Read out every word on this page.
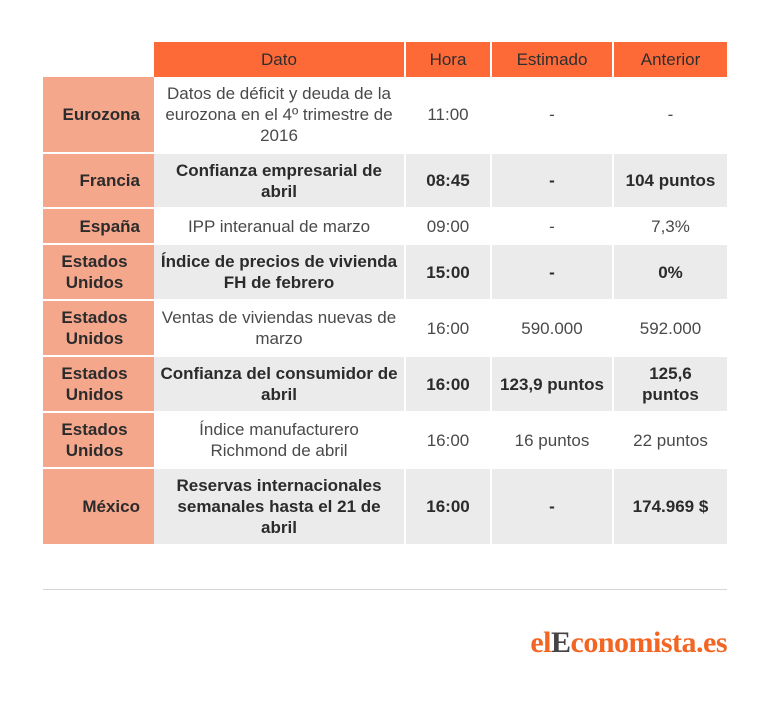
	Dato	Hora	Estimado	Anterior
Eurozona	Datos de déficit y deuda de la eurozona en el 4º trimestre de 2016	11:00	-	-
Francia	Confianza empresarial de abril	08:45	-	104 puntos
España	IPP interanual de marzo	09:00	-	7,3%
Estados Unidos	Índice de precios de vivienda FH de febrero	15:00	-	0%
Estados Unidos	Ventas de viviendas nuevas de marzo	16:00	590.000	592.000
Estados Unidos	Confianza del consumidor de abril	16:00	123,9 puntos	125,6 puntos
Estados Unidos	Índice manufacturero Richmond de abril	16:00	16 puntos	22 puntos
México	Reservas internacionales semanales hasta el 21 de abril	16:00	-	174.969 $
elEconomista.es
